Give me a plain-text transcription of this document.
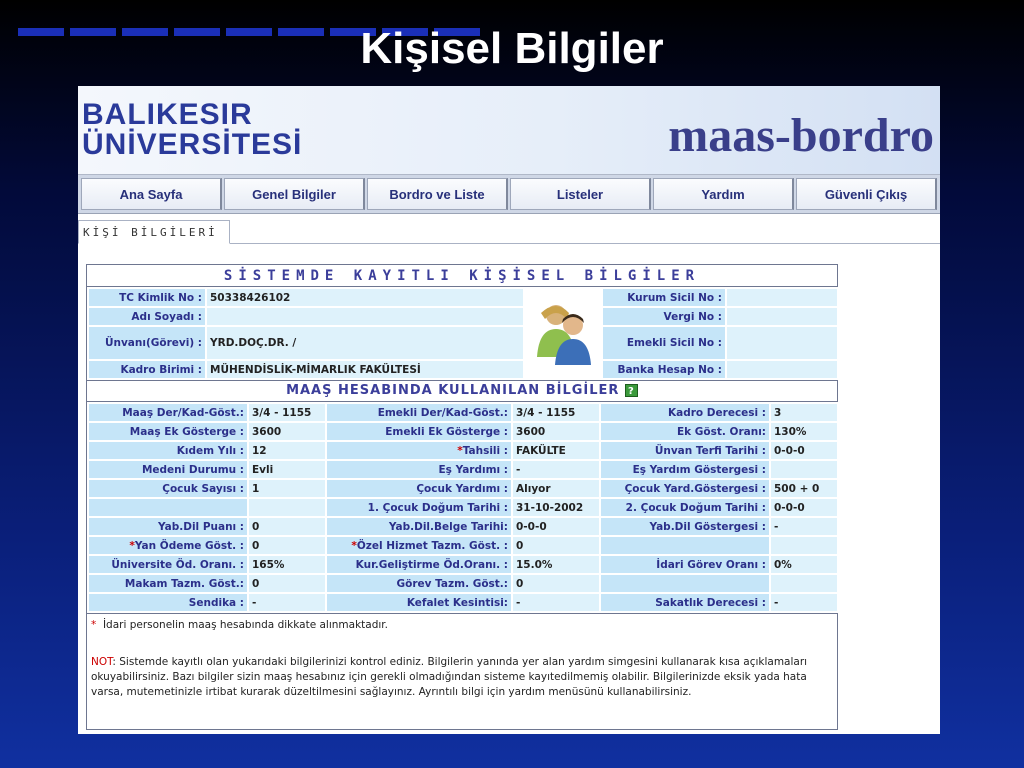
Kişisel Bilgiler
BALIKESIR
ÜNİVERSİTESİ	maas-bordro
Ana Sayfa	Genel Bilgiler	Bordro ve Liste	Listeler	Yardım	Güvenli Çıkış
KİŞİ BİLGİLERİ
SİSTEMDE KAYITLI KİŞİSEL BİLGİLER
TC Kimlik No :	50338426102		Kurum Sicil No :	
Adı Soyadı :			Vergi No :	
Ünvanı(Görevi) :	YRD.DOÇ.DR. /		Emekli Sicil No :	
Kadro Birimi :	MÜHENDİSLİK-MİMARLIK FAKÜLTESİ		Banka Hesap No :	
MAAŞ HESABINDA KULLANILAN BİLGİLER ?
Maaş Der/Kad-Göst.:	3/4 - 1155	Emekli Der/Kad-Göst.:	3/4 - 1155	Kadro Derecesi :	3
Maaş Ek Gösterge :	3600	Emekli Ek Gösterge :	3600	Ek Göst. Oranı:	130%
Kıdem Yılı :	12	*Tahsili :	FAKÜLTE	Ünvan Terfi Tarihi :	0-0-0
Medeni Durumu :	Evli	Eş Yardımı :	-	Eş Yardım Göstergesi :	
Çocuk Sayısı :	1	Çocuk Yardımı :	Alıyor	Çocuk Yard.Göstergesi :	500 + 0
		1. Çocuk Doğum Tarihi :	31-10-2002	2. Çocuk Doğum Tarihi :	0-0-0
Yab.Dil Puanı :	0	Yab.Dil.Belge Tarihi:	0-0-0	Yab.Dil Göstergesi :	-
*Yan Ödeme Göst. :	0	*Özel Hizmet Tazm. Göst. :	0		
Üniversite Öd. Oranı. :	165%	Kur.Geliştirme Öd.Oranı. :	15.0%	İdari Görev Oranı :	0%
Makam Tazm. Göst.:	0	Görev Tazm. Göst.:	0		
Sendika :	-	Kefalet Kesintisi:	-	Sakatlık Derecesi :	-
* İdari personelin maaş hesabında dikkate alınmaktadır.
NOT: Sistemde kayıtlı olan yukarıdaki bilgilerinizi kontrol ediniz. Bilgilerin yanında yer alan yardım simgesini kullanarak kısa açıklamaları okuyabilirsiniz. Bazı bilgiler sizin maaş hesabınız için gerekli olmadığından sisteme kayıtedilmemiş olabilir. Bilgilerinizde eksik yada hata varsa, mutemetinizle irtibat kurarak düzeltilmesini sağlayınız. Ayrıntılı bilgi için yardım menüsünü kullanabilirsiniz.
